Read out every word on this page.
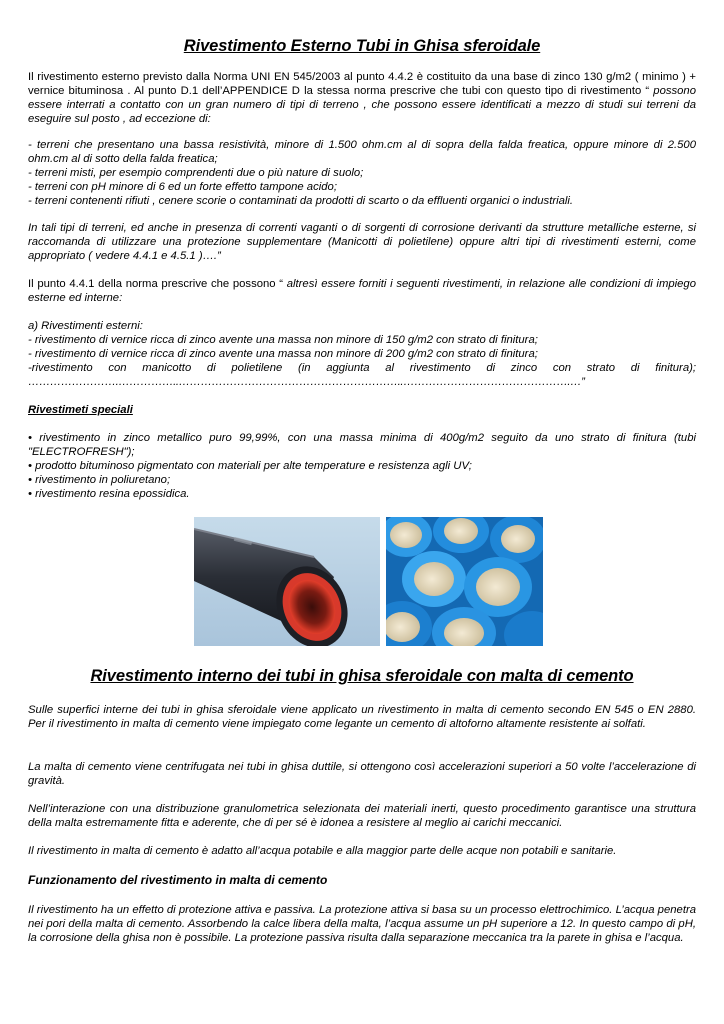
Rivestimento Esterno Tubi in Ghisa sferoidale

Il rivestimento esterno previsto dalla Norma UNI EN 545/2003 al punto 4.4.2 è costituito da una base di zinco 130 g/m2 ( minimo ) + vernice bituminosa . Al punto D.1 dell’APPENDICE D la stessa norma prescrive che tubi con questo tipo di rivestimento “ possono essere interrati a contatto con un gran numero di tipi di terreno , che possono essere identificati a mezzo di studi sui terreni da eseguire sul posto , ad eccezione di:

- terreni che presentano una bassa resistività, minore di 1.500 ohm.cm al di sopra della falda freatica, oppure minore di 2.500 ohm.cm al di sotto della falda freatica;
- terreni misti, per esempio comprendenti due o più nature di suolo;
- terreni con pH minore di 6 ed un forte effetto tampone acido;
- terreni contenenti rifiuti , cenere scorie o contaminati da prodotti di scarto o da effluenti organici o industriali.

In tali tipi di terreni, ed anche in presenza di correnti vaganti o di sorgenti di corrosione derivanti da strutture metalliche esterne, si raccomanda di utilizzare una protezione supplementare (Manicotti di polietilene) oppure altri tipi di rivestimenti esterni, come appropriato ( vedere 4.4.1 e 4.5.1 )….”

Il punto 4.4.1 della norma prescrive che possono “ altresì essere forniti i seguenti rivestimenti, in relazione alle condizioni di impiego esterne ed interne:

a) Rivestimenti esterni:
- rivestimento di vernice ricca di zinco avente una massa non minore di 150 g/m2 con strato di finitura;
- rivestimento di vernice ricca di zinco avente una massa non minore di 200 g/m2 con strato di finitura;
-rivestimento con manicotto di polietilene (in aggiunta al rivestimento di zinco con strato di finitura);
…………………….……………..……………………………………………………..……………………………………….…”
Rivestimeti speciali
• rivestimento in zinco metallico puro 99,99%, con una massa minima di 400g/m2 seguito da uno strato di finitura (tubi "ELECTROFRESH");
• prodotto bituminoso pigmentato con materiali per alte temperature e resistenza agli UV;
• rivestimento in poliuretano;
• rivestimento resina epossidica.
Rivestimento interno dei tubi in ghisa sferoidale con malta di cemento

Sulle superfici interne dei tubi in ghisa sferoidale viene applicato un rivestimento in malta di cemento secondo EN 545 o EN 2880. Per il rivestimento in malta di cemento viene impiegato come legante un cemento di altoforno altamente resistente ai solfati.

La malta di cemento viene centrifugata nei tubi in ghisa duttile, si ottengono così accelerazioni superiori a 50 volte l’accelerazione di gravità.

Nell’interazione con una distribuzione granulometrica selezionata dei materiali inerti, questo procedimento garantisce una struttura della malta estremamente fitta e aderente, che di per sé è idonea a resistere al meglio ai carichi meccanici.

Il rivestimento in malta di cemento è adatto all’acqua potabile e alla maggior parte delle acque non potabili e sanitarie.

Funzionamento del rivestimento in malta di cemento

Il rivestimento ha un effetto di protezione attiva e passiva. La protezione attiva si basa su un processo elettrochimico. L’acqua penetra nei pori della malta di cemento. Assorbendo la calce libera della malta, l’acqua assume un pH superiore a 12. In questo campo di pH, la corrosione della ghisa non è possibile. La protezione passiva risulta dalla separazione meccanica tra la parete in ghisa e l’acqua.
